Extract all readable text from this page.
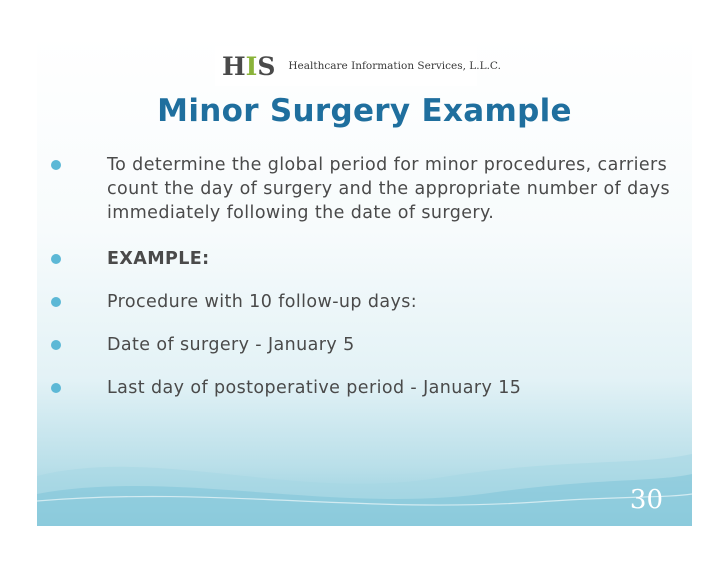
HIS Healthcare Information Services, L.L.C.
Minor Surgery Example
To determine the global period for minor procedures, carriers count the day of surgery and the appropriate number of days immediately following the date of surgery.
EXAMPLE:
Procedure with 10 follow-up days:
Date of surgery - January 5
Last day of postoperative period - January 15
30
